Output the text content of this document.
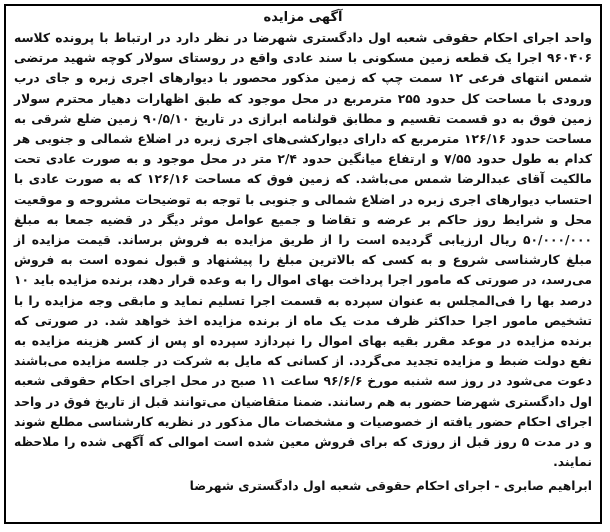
آگهی مزایده

واحد اجرای احکام حقوقی شعبه اول دادگستری شهرضا در نظر دارد در ارتباط با پرونده کلاسه ۹۶۰۴۰۶ اجرا یک قطعه زمین مسکونی با سند عادی واقع در روستای سولار کوچه شهید مرتضی شمس انتهای فرعی ۱۲ سمت چپ که زمین مذکور محصور با دیوارهای اجری زبره و جای درب ورودی با مساحت کل حدود ۲۵۵ مترمربع در محل موجود که طبق اظهارات دهیار محترم سولار زمین فوق به دو قسمت تقسیم و مطابق قولنامه ابرازی در تاریخ ۹۰/۵/۱۰ زمین ضلع شرقی به مساحت حدود ۱۲۶/۱۶ مترمربع که دارای دیوارکشی‌های اجری زبره در اضلاع شمالی و جنوبی هر کدام به طول حدود ۷/۵۵ و ارتفاع میانگین حدود ۲/۴ متر در محل موجود و به صورت عادی تحت مالکیت آقای عبدالرضا شمس می‌باشد. که زمین فوق که مساحت ۱۲۶/۱۶ که به صورت عادی با احتساب دیوارهای اجری زبره در اضلاع شمالی و جنوبی با توجه به توضیحات مشروحه و موقعیت محل و شرایط روز حاکم بر عرضه و تقاضا و جمیع عوامل موثر دیگر در قضیه جمعا به مبلغ ۵۰/۰۰۰/۰۰۰ ریال ارزیابی گردیده است را از طریق مزایده به فروش برساند. قیمت مزایده از مبلغ کارشناسی شروع و به کسی که بالاترین مبلغ را پیشنهاد و قبول نموده است به فروش می‌رسد، در صورتی که مامور اجرا پرداخت بهای اموال را به وعده قرار دهد، برنده مزایده باید ۱۰ درصد بها را فی‌المجلس به عنوان سپرده به قسمت اجرا تسلیم نماید و مابقی وجه مزایده را با تشخیص مامور اجرا حداکثر ظرف مدت یک ماه از برنده مزایده اخذ خواهد شد. در صورتی که برنده مزایده در موعد مقرر بقیه بهای اموال را نپردازد سپرده او پس از کسر هزینه مزایده به نفع دولت ضبط و مزایده تجدید می‌گردد. از کسانی که مایل به شرکت در جلسه مزایده می‌باشند دعوت می‌شود در روز سه شنبه مورخ ۹۶/۶/۶ ساعت ۱۱ صبح در محل اجرای احکام حقوقی شعبه اول دادگستری شهرضا حضور به هم رسانند. ضمنا متقاضیان می‌توانند قبل از تاریخ فوق در واحد اجرای احکام حضور یافته از خصوصیات و مشخصات مال مذکور در نظریه کارشناسی مطلع شوند و در مدت ۵ روز قبل از روزی که برای فروش معین شده است اموالی که آگهی شده را ملاحظه نمایند.

ابراهیم صابری - اجرای احکام حقوقی شعبه اول دادگستری شهرضا
